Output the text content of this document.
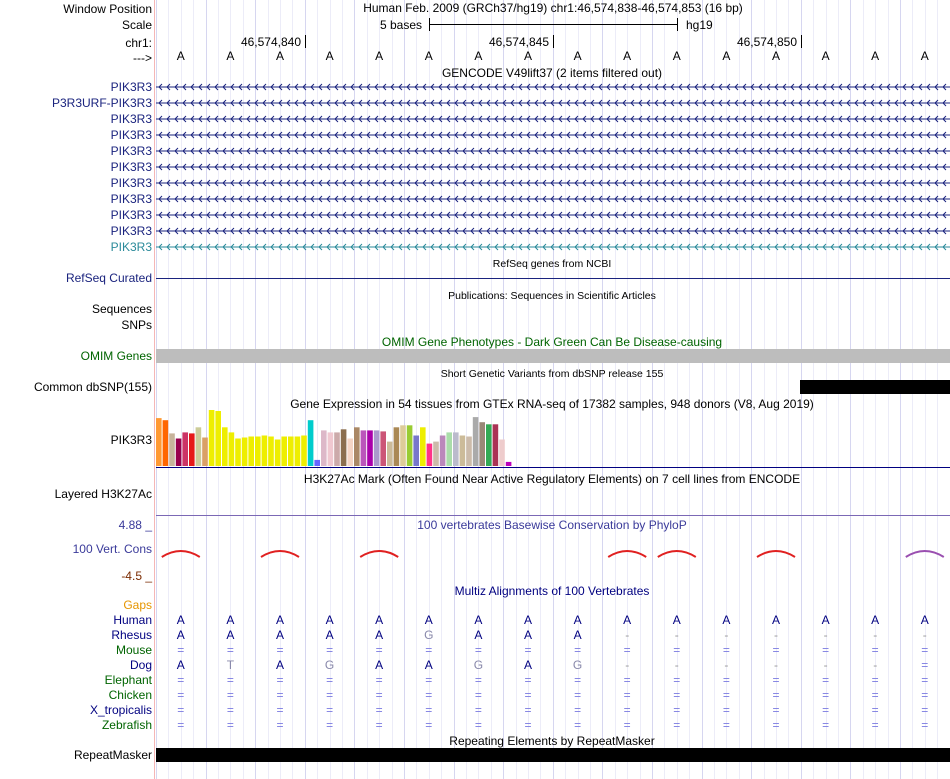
Window Position	Human Feb. 2009 (GRCh37/hg19) chr1:46,574,838-46,574,853 (16 bp)
Scale	5 bases	hg19
chr1:	46,574,840	46,574,845	46,574,850
--->	A	A	A	A	A	A	A	A	A	A	A	A	A	A	A	A
GENCODE V49lift37 (2 items filtered out)
PIK3R3
P3R3URF-PIK3R3
PIK3R3
PIK3R3
PIK3R3
PIK3R3
PIK3R3
PIK3R3
PIK3R3
PIK3R3
PIK3R3
RefSeq genes from NCBI
RefSeq Curated
Publications: Sequences in Scientific Articles
Sequences
SNPs
OMIM Gene Phenotypes - Dark Green Can Be Disease-causing
OMIM Genes
Short Genetic Variants from dbSNP release 155
Common dbSNP(155)
Gene Expression in 54 tissues from GTEx RNA-seq of 17382 samples, 948 donors (V8, Aug 2019)
PIK3R3
H3K27Ac Mark (Often Found Near Active Regulatory Elements) on 7 cell lines from ENCODE
Layered H3K27Ac
100 vertebrates Basewise Conservation by PhyloP
4.88 _
100 Vert. Cons
-4.5 _
Multiz Alignments of 100 Vertebrates
Gaps
Human	A	A	A	A	A	A	A	A	A	A	A	A	A	A	A	A
Rhesus	A	A	A	A	A	G	A	A	A	-	-	-	-	-	-	-
Mouse	=	=	=	=	=	=	=	=	=	=	=	=	=	=	=	=
Dog	A	T	A	G	A	A	G	A	G	-	-	-	-	-	-	=
Elephant	=	=	=	=	=	=	=	=	=	=	=	=	=	=	=	=
Chicken	=	=	=	=	=	=	=	=	=	=	=	=	=	=	=	=
X_tropicalis	=	=	=	=	=	=	=	=	=	=	=	=	=	=	=	=
Zebrafish	=	=	=	=	=	=	=	=	=	=	=	=	=	=	=	=
Repeating Elements by RepeatMasker
RepeatMasker
